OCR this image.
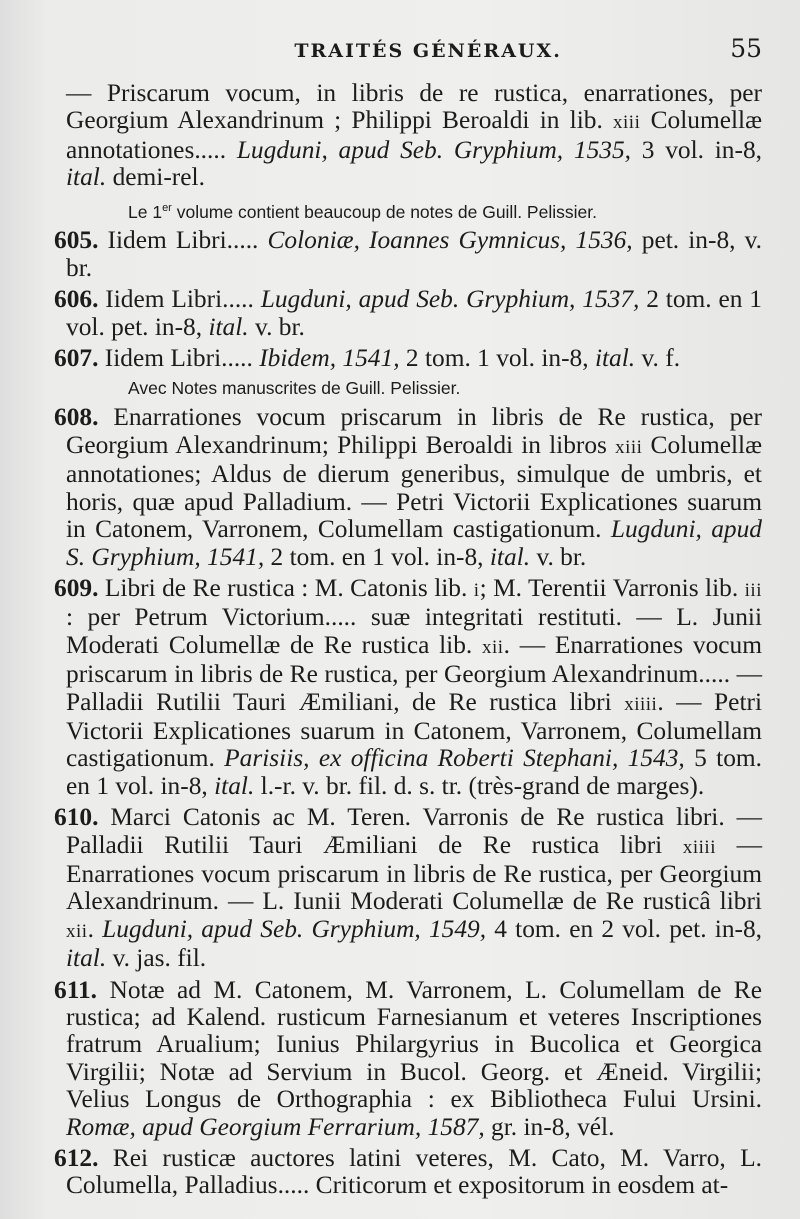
TRAITÉS GÉNÉRAUX.	55

— Priscarum vocum, in libris de re rustica, enarrationes, per Georgium Alexandrinum ; Philippi Beroaldi in lib. xiii Columellæ annotationes..... Lugduni, apud Seb. Gryphium, 1535, 3 vol. in-8, ital. demi-rel.

Le 1er volume contient beaucoup de notes de Guill. Pelissier.

605. Iidem Libri..... Coloniæ, Ioannes Gymnicus, 1536, pet. in-8, v. br.

606. Iidem Libri..... Lugduni, apud Seb. Gryphium, 1537, 2 tom. en 1 vol. pet. in-8, ital. v. br.

607. Iidem Libri..... Ibidem, 1541, 2 tom. 1 vol. in-8, ital. v. f.

Avec Notes manuscrites de Guill. Pelissier.

608. Enarrationes vocum priscarum in libris de Re rustica, per Georgium Alexandrinum; Philippi Beroaldi in libros xiii Columellæ annotationes; Aldus de dierum generibus, simulque de umbris, et horis, quæ apud Palladium. — Petri Victorii Explicationes suarum in Catonem, Varronem, Columellam castigationum. Lugduni, apud S. Gryphium, 1541, 2 tom. en 1 vol. in-8, ital. v. br.

609. Libri de Re rustica : M. Catonis lib. i; M. Terentii Varronis lib. iii : per Petrum Victorium..... suæ integritati restituti. — L. Junii Moderati Columellæ de Re rustica lib. xii. — Enarrationes vocum priscarum in libris de Re rustica, per Georgium Alexandrinum..... — Palladii Rutilii Tauri Æmiliani, de Re rustica libri xiiii. — Petri Victorii Explicationes suarum in Catonem, Varronem, Columellam castigationum. Parisiis, ex officina Roberti Stephani, 1543, 5 tom. en 1 vol. in-8, ital. l.-r. v. br. fil. d. s. tr. (très-grand de marges).

610. Marci Catonis ac M. Teren. Varronis de Re rustica libri. — Palladii Rutilii Tauri Æmiliani de Re rustica libri xiiii — Enarrationes vocum priscarum in libris de Re rustica, per Georgium Alexandrinum. — L. Iunii Moderati Columellæ de Re rusticâ libri xii. Lugduni, apud Seb. Gryphium, 1549, 4 tom. en 2 vol. pet. in-8, ital. v. jas. fil.

611. Notæ ad M. Catonem, M. Varronem, L. Columellam de Re rustica; ad Kalend. rusticum Farnesianum et veteres Inscriptiones fratrum Arualium; Iunius Philargyrius in Bucolica et Georgica Virgilii; Notæ ad Servium in Bucol. Georg. et Æneid. Virgilii; Velius Longus de Orthographia : ex Bibliotheca Fului Ursini. Romæ, apud Georgium Ferrarium, 1587, gr. in-8, vél.

612. Rei rusticæ auctores latini veteres, M. Cato, M. Varro, L. Columella, Palladius..... Criticorum et expositorum in eosdem at-
